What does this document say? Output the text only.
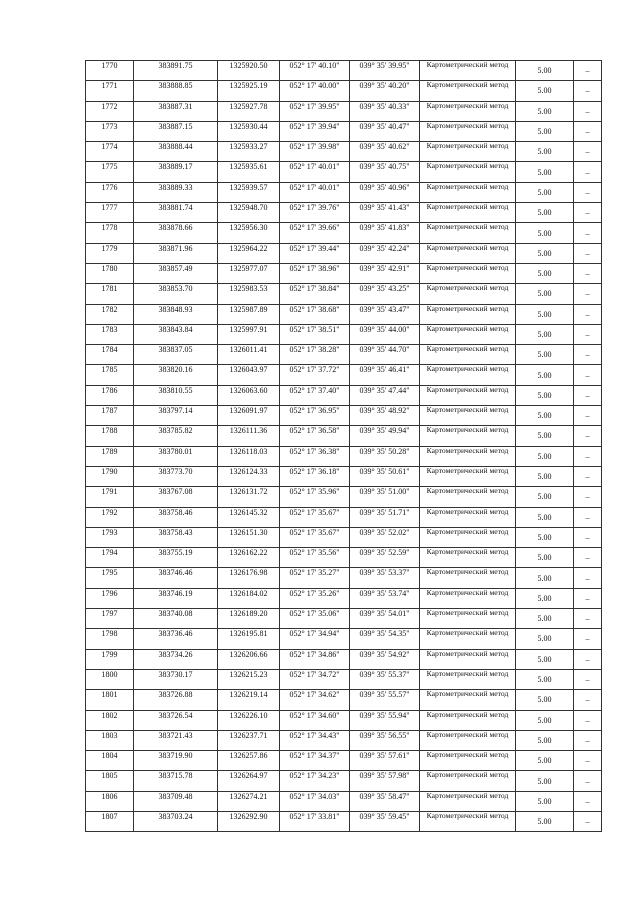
1770	383891.75	1325920.50	052° 17' 40.10"	039° 35' 39.95"	Картометрический метод	5.00	–
1771	383888.85	1325925.19	052° 17' 40.00"	039° 35' 40.20"	Картометрический метод	5.00	–
1772	383887.31	1325927.78	052° 17' 39.95"	039° 35' 40.33"	Картометрический метод	5.00	–
1773	383887.15	1325930.44	052° 17' 39.94"	039° 35' 40.47"	Картометрический метод	5.00	–
1774	383888.44	1325933.27	052° 17' 39.98"	039° 35' 40.62"	Картометрический метод	5.00	–
1775	383889.17	1325935.61	052° 17' 40.01"	039° 35' 40.75"	Картометрический метод	5.00	–
1776	383889.33	1325939.57	052° 17' 40.01"	039° 35' 40.96"	Картометрический метод	5.00	–
1777	383881.74	1325948.70	052° 17' 39.76"	039° 35' 41.43"	Картометрический метод	5.00	–
1778	383878.66	1325956.30	052° 17' 39.66"	039° 35' 41.83"	Картометрический метод	5.00	–
1779	383871.96	1325964.22	052° 17' 39.44"	039° 35' 42.24"	Картометрический метод	5.00	–
1780	383857.49	1325977.07	052° 17' 38.96"	039° 35' 42.91"	Картометрический метод	5.00	–
1781	383853.70	1325983.53	052° 17' 38.84"	039° 35' 43.25"	Картометрический метод	5.00	–
1782	383848.93	1325987.89	052° 17' 38.68"	039° 35' 43.47"	Картометрический метод	5.00	–
1783	383843.84	1325997.91	052° 17' 38.51"	039° 35' 44.00"	Картометрический метод	5.00	–
1784	383837.05	1326011.41	052° 17' 38.28"	039° 35' 44.70"	Картометрический метод	5.00	–
1785	383820.16	1326043.97	052° 17' 37.72"	039° 35' 46.41"	Картометрический метод	5.00	–
1786	383810.55	1326063.60	052° 17' 37.40"	039° 35' 47.44"	Картометрический метод	5.00	–
1787	383797.14	1326091.97	052° 17' 36.95"	039° 35' 48.92"	Картометрический метод	5.00	–
1788	383785.82	1326111.36	052° 17' 36.58"	039° 35' 49.94"	Картометрический метод	5.00	–
1789	383780.01	1326118.03	052° 17' 36.38"	039° 35' 50.28"	Картометрический метод	5.00	–
1790	383773.70	1326124.33	052° 17' 36.18"	039° 35' 50.61"	Картометрический метод	5.00	–
1791	383767.08	1326131.72	052° 17' 35.96"	039° 35' 51.00"	Картометрический метод	5.00	–
1792	383758.46	1326145.32	052° 17' 35.67"	039° 35' 51.71"	Картометрический метод	5.00	–
1793	383758.43	1326151.30	052° 17' 35.67"	039° 35' 52.02"	Картометрический метод	5.00	–
1794	383755.19	1326162.22	052° 17' 35.56"	039° 35' 52.59"	Картометрический метод	5.00	–
1795	383746.46	1326176.98	052° 17' 35.27"	039° 35' 53.37"	Картометрический метод	5.00	–
1796	383746.19	1326184.02	052° 17' 35.26"	039° 35' 53.74"	Картометрический метод	5.00	–
1797	383740.08	1326189.20	052° 17' 35.06"	039° 35' 54.01"	Картометрический метод	5.00	–
1798	383736.46	1326195.81	052° 17' 34.94"	039° 35' 54.35"	Картометрический метод	5.00	–
1799	383734.26	1326206.66	052° 17' 34.86"	039° 35' 54.92"	Картометрический метод	5.00	–
1800	383730.17	1326215.23	052° 17' 34.72"	039° 35' 55.37"	Картометрический метод	5.00	–
1801	383726.88	1326219.14	052° 17' 34.62"	039° 35' 55.57"	Картометрический метод	5.00	–
1802	383726.54	1326226.10	052° 17' 34.60"	039° 35' 55.94"	Картометрический метод	5.00	–
1803	383721.43	1326237.71	052° 17' 34.43"	039° 35' 56.55"	Картометрический метод	5.00	–
1804	383719.90	1326257.86	052° 17' 34.37"	039° 35' 57.61"	Картометрический метод	5.00	–
1805	383715.78	1326264.97	052° 17' 34.23"	039° 35' 57.98"	Картометрический метод	5.00	–
1806	383709.48	1326274.21	052° 17' 34.03"	039° 35' 58.47"	Картометрический метод	5.00	–
1807	383703.24	1326292.90	052° 17' 33.81"	039° 35' 59.45"	Картометрический метод	5.00	–
